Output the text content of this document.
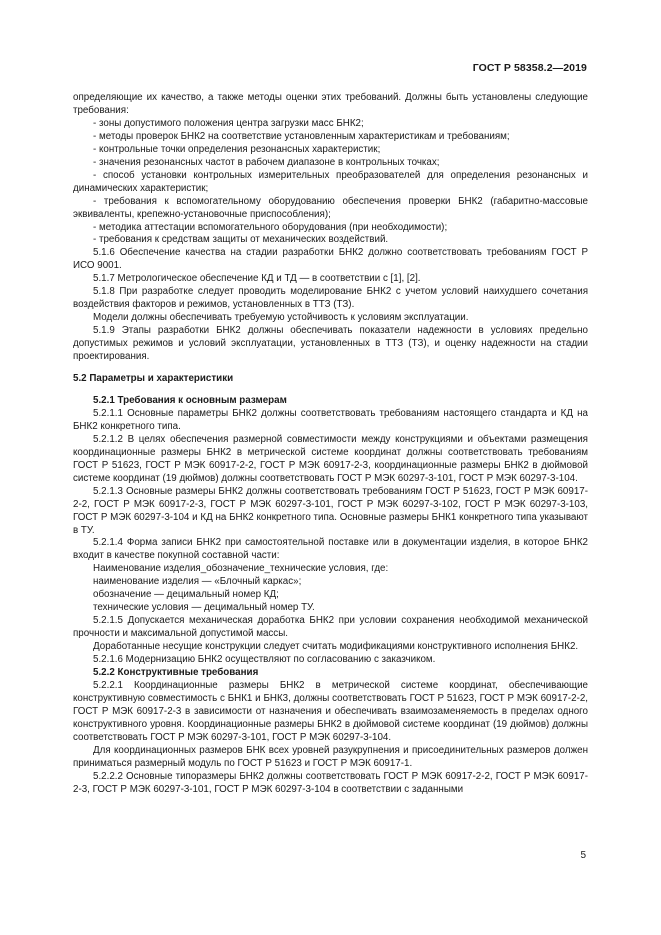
ГОСТ Р 58358.2—2019

определяющие их качество, а также методы оценки этих требований. Должны быть установлены следующие требования:

- зоны допустимого положения центра загрузки масс БНК2;

- методы проверок БНК2 на соответствие установленным характеристикам и требованиям;

- контрольные точки определения резонансных характеристик;

- значения резонансных частот в рабочем диапазоне в контрольных точках;

- способ установки контрольных измерительных преобразователей для определения резонансных и динамических характеристик;

- требования к вспомогательному оборудованию обеспечения проверки БНК2 (габаритно-массовые эквиваленты, крепежно-установочные приспособления);

- методика аттестации вспомогательного оборудования (при необходимости);

- требования к средствам защиты от механических воздействий.

5.1.6 Обеспечение качества на стадии разработки БНК2 должно соответствовать требованиям ГОСТ Р ИСО 9001.

5.1.7 Метрологическое обеспечение КД и ТД — в соответствии с [1], [2].

5.1.8 При разработке следует проводить моделирование БНК2 с учетом условий наихудшего сочетания воздействия факторов и режимов, установленных в ТТЗ (ТЗ).

Модели должны обеспечивать требуемую устойчивость к условиям эксплуатации.

5.1.9 Этапы разработки БНК2 должны обеспечивать показатели надежности в условиях предельно допустимых режимов и условий эксплуатации, установленных в ТТЗ (ТЗ), и оценку надежности на стадии проектирования.

5.2 Параметры и характеристики

5.2.1 Требования к основным размерам

5.2.1.1 Основные параметры БНК2 должны соответствовать требованиям настоящего стандарта и КД на БНК2 конкретного типа.

5.2.1.2 В целях обеспечения размерной совместимости между конструкциями и объектами размещения координационные размеры БНК2 в метрической системе координат должны соответствовать требованиям ГОСТ Р 51623, ГОСТ Р МЭК 60917-2-2, ГОСТ Р МЭК 60917-2-3, координационные размеры БНК2 в дюймовой системе координат (19 дюймов) должны соответствовать ГОСТ Р МЭК 60297-3-101, ГОСТ Р МЭК 60297-3-104.

5.2.1.3 Основные размеры БНК2 должны соответствовать требованиям ГОСТ Р 51623, ГОСТ Р МЭК 60917-2-2, ГОСТ Р МЭК 60917-2-3, ГОСТ Р МЭК 60297-3-101, ГОСТ Р МЭК 60297-3-102, ГОСТ Р МЭК 60297-3-103, ГОСТ Р МЭК 60297-3-104 и КД на БНК2 конкретного типа. Основные размеры БНК1 конкретного типа указывают в ТУ.

5.2.1.4 Форма записи БНК2 при самостоятельной поставке или в документации изделия, в которое БНК2 входит в качестве покупной составной части:

Наименование изделия_обозначение_технические условия, где:

наименование изделия — «Блочный каркас»;

обозначение — децимальный номер КД;

технические условия — децимальный номер ТУ.

5.2.1.5 Допускается механическая доработка БНК2 при условии сохранения необходимой механической прочности и максимальной допустимой массы.

Доработанные несущие конструкции следует считать модификациями конструктивного исполнения БНК2.

5.2.1.6 Модернизацию БНК2 осуществляют по согласованию с заказчиком.

5.2.2 Конструктивные требования

5.2.2.1 Координационные размеры БНК2 в метрической системе координат, обеспечивающие конструктивную совместимость с БНК1 и БНК3, должны соответствовать ГОСТ Р 51623, ГОСТ Р МЭК 60917-2-2, ГОСТ Р МЭК 60917-2-3 в зависимости от назначения и обеспечивать взаимозаменяемость в пределах одного конструктивного уровня. Координационные размеры БНК2 в дюймовой системе координат (19 дюймов) должны соответствовать ГОСТ Р МЭК 60297-3-101, ГОСТ Р МЭК 60297-3-104.

Для координационных размеров БНК всех уровней разукрупнения и присоединительных размеров должен приниматься размерный модуль по ГОСТ Р 51623 и ГОСТ Р МЭК 60917-1.

5.2.2.2 Основные типоразмеры БНК2 должны соответствовать ГОСТ Р МЭК 60917-2-2, ГОСТ Р МЭК 60917-2-3, ГОСТ Р МЭК 60297-3-101, ГОСТ Р МЭК 60297-3-104 в соответствии с заданными

5
